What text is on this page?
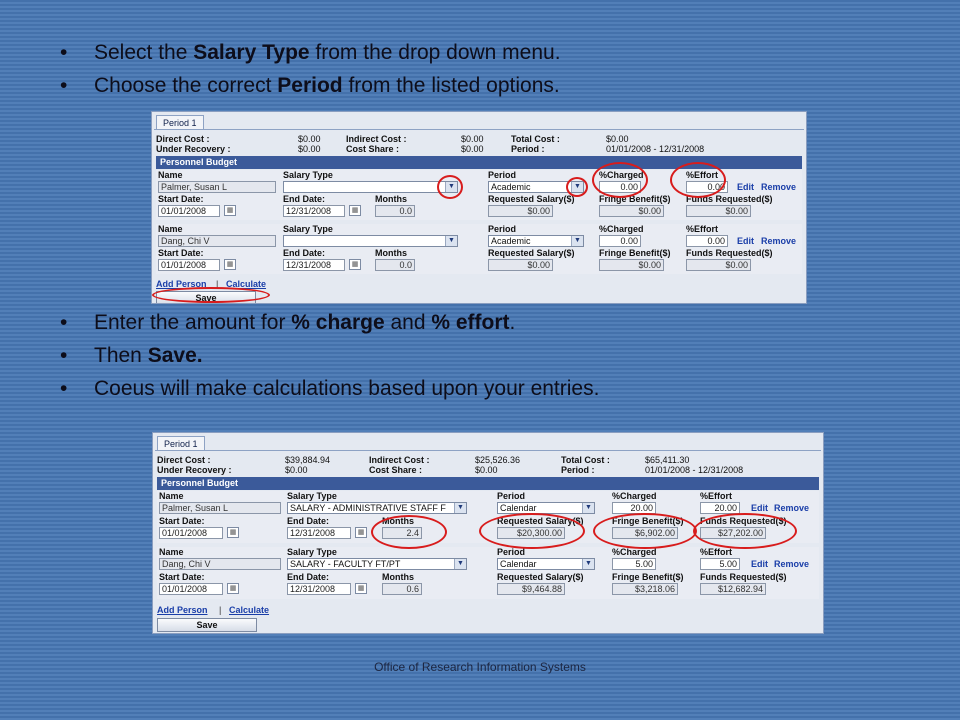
• Select the Salary Type from the drop down menu.
• Choose the correct Period from the listed options.
Period 1
Direct Cost :	$0.00	Indirect Cost :	$0.00	Total Cost :	$0.00
Under Recovery :	$0.00	Cost Share :	$0.00	Period :	01/01/2008 - 12/31/2008
Personnel Budget
Name	Salary Type	Period	%Charged	%Effort
Palmer, Susan L	▼	Academic	▼	0.00	0.00	Edit Remove
Start Date:	End Date:	Months	Requested Salary($)	Fringe Benefit($) Funds Requested($)
01/01/2008	▦	12/31/2008	▦	0.0	$0.00	$0.00	$0.00
Name	Salary Type	Period	%Charged	%Effort
Dang, Chi V	▼	Academic	▼	0.00	0.00	Edit Remove
Start Date:	End Date:	Months	Requested Salary($)	Fringe Benefit($) Funds Requested($)
01/01/2008	▦	12/31/2008	▦	0.0	$0.00	$0.00	$0.00
Add Person | Calculate
Save
• Enter the amount for % charge and % effort.
• Then Save.
• Coeus will make calculations based upon your entries.
Period 1
Direct Cost :	$39,884.94	Indirect Cost :	$25,526.36	Total Cost :	$65,411.30
Under Recovery :	$0.00	Cost Share :	$0.00	Period :	01/01/2008 - 12/31/2008
Personnel Budget
Name	Salary Type	Period	%Charged	%Effort
Palmer, Susan L	SALARY - ADMINISTRATIVE STAFF F	▼	Calendar	▼	20.00	20.00	Edit Remove
Start Date:	End Date:	Months	Requested Salary($)	Fringe Benefit($) Funds Requested($)
01/01/2008	▦	12/31/2008	▦	2.4	$20,300.00	$6,902.00	$27,202.00
Name	Salary Type	Period	%Charged	%Effort
Dang, Chi V	SALARY - FACULTY FT/PT	▼	Calendar	▼	5.00	5.00	Edit Remove
Start Date:	End Date:	Months	Requested Salary($)	Fringe Benefit($) Funds Requested($)
01/01/2008	▦	12/31/2008	▦	0.6	$9,464.88	$3,218.06	$12,682.94
Add Person | Calculate
Save
Office of Research Information Systems
